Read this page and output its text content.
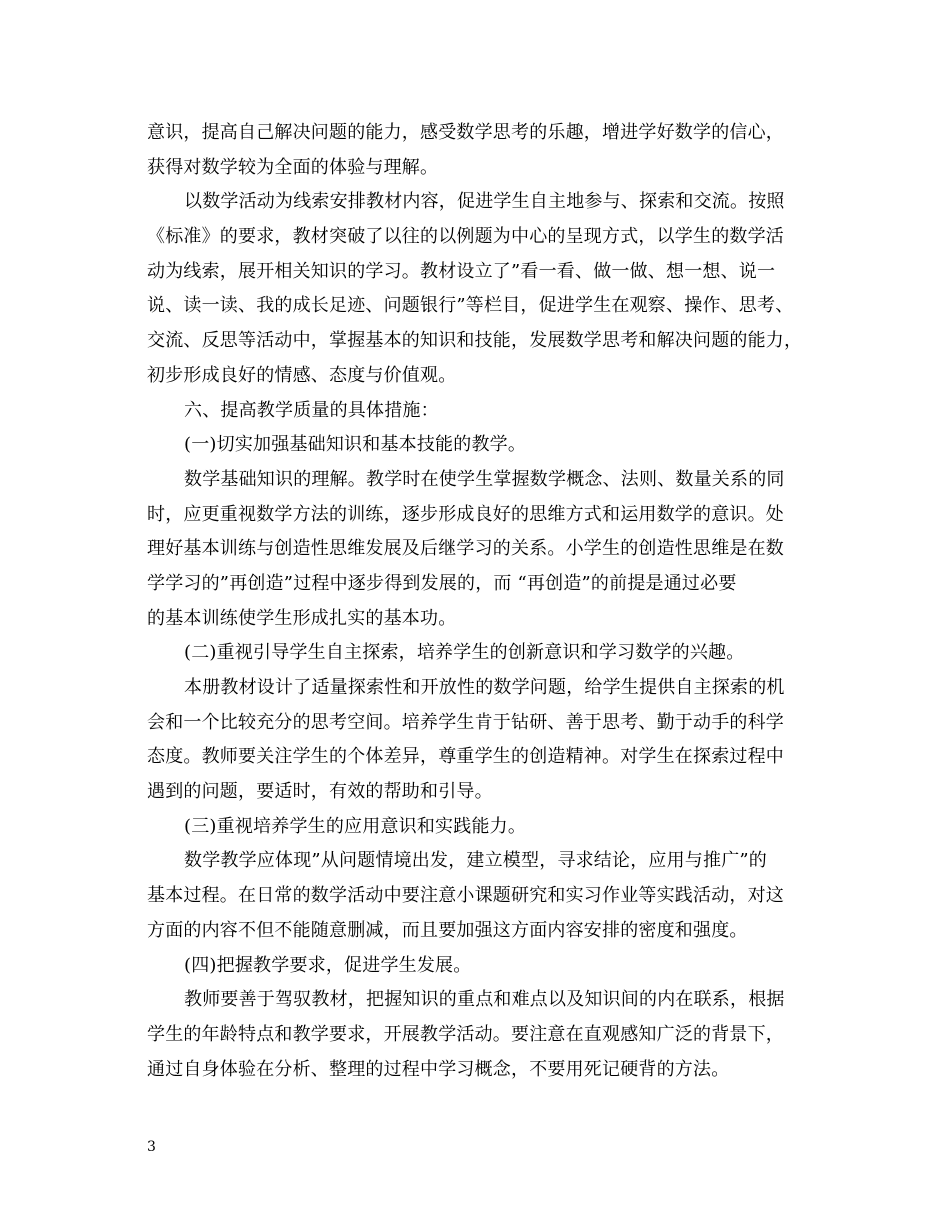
意识，提高自己解决问题的能力，感受数学思考的乐趣，增进学好数学的信心，
获得对数学较为全面的体验与理解。
以数学活动为线索安排教材内容，促进学生自主地参与、探索和交流。按照
《标准》的要求，教材突破了以往的以例题为中心的呈现方式，以学生的数学活
动为线索，展开相关知识的学习。教材设立了”看一看、做一做、想一想、说一
说、读一读、我的成长足迹、问题银行”等栏目，促进学生在观察、操作、思考、
交流、反思等活动中，掌握基本的知识和技能，发展数学思考和解决问题的能力，
初步形成良好的情感、态度与价值观。
六、提高教学质量的具体措施：
(一)切实加强基础知识和基本技能的教学。
数学基础知识的理解。教学时在使学生掌握数学概念、法则、数量关系的同
时，应更重视数学方法的训练，逐步形成良好的思维方式和运用数学的意识。处
理好基本训练与创造性思维发展及后继学习的关系。小学生的创造性思维是在数
学学习的”再创造”过程中逐步得到发展的，而 “再创造”的前提是通过必要
的基本训练使学生形成扎实的基本功。
(二)重视引导学生自主探索，培养学生的创新意识和学习数学的兴趣。
本册教材设计了适量探索性和开放性的数学问题，给学生提供自主探索的机
会和一个比较充分的思考空间。培养学生肯于钻研、善于思考、勤于动手的科学
态度。教师要关注学生的个体差异，尊重学生的创造精神。对学生在探索过程中
遇到的问题，要适时，有效的帮助和引导。
(三)重视培养学生的应用意识和实践能力。
数学教学应体现”从问题情境出发，建立模型，寻求结论，应用与推广”的
基本过程。在日常的数学活动中要注意小课题研究和实习作业等实践活动，对这
方面的内容不但不能随意删减，而且要加强这方面内容安排的密度和强度。
(四)把握教学要求，促进学生发展。
教师要善于驾驭教材，把握知识的重点和难点以及知识间的内在联系，根据
学生的年龄特点和教学要求，开展教学活动。要注意在直观感知广泛的背景下，
通过自身体验在分析、整理的过程中学习概念，不要用死记硬背的方法。
3
